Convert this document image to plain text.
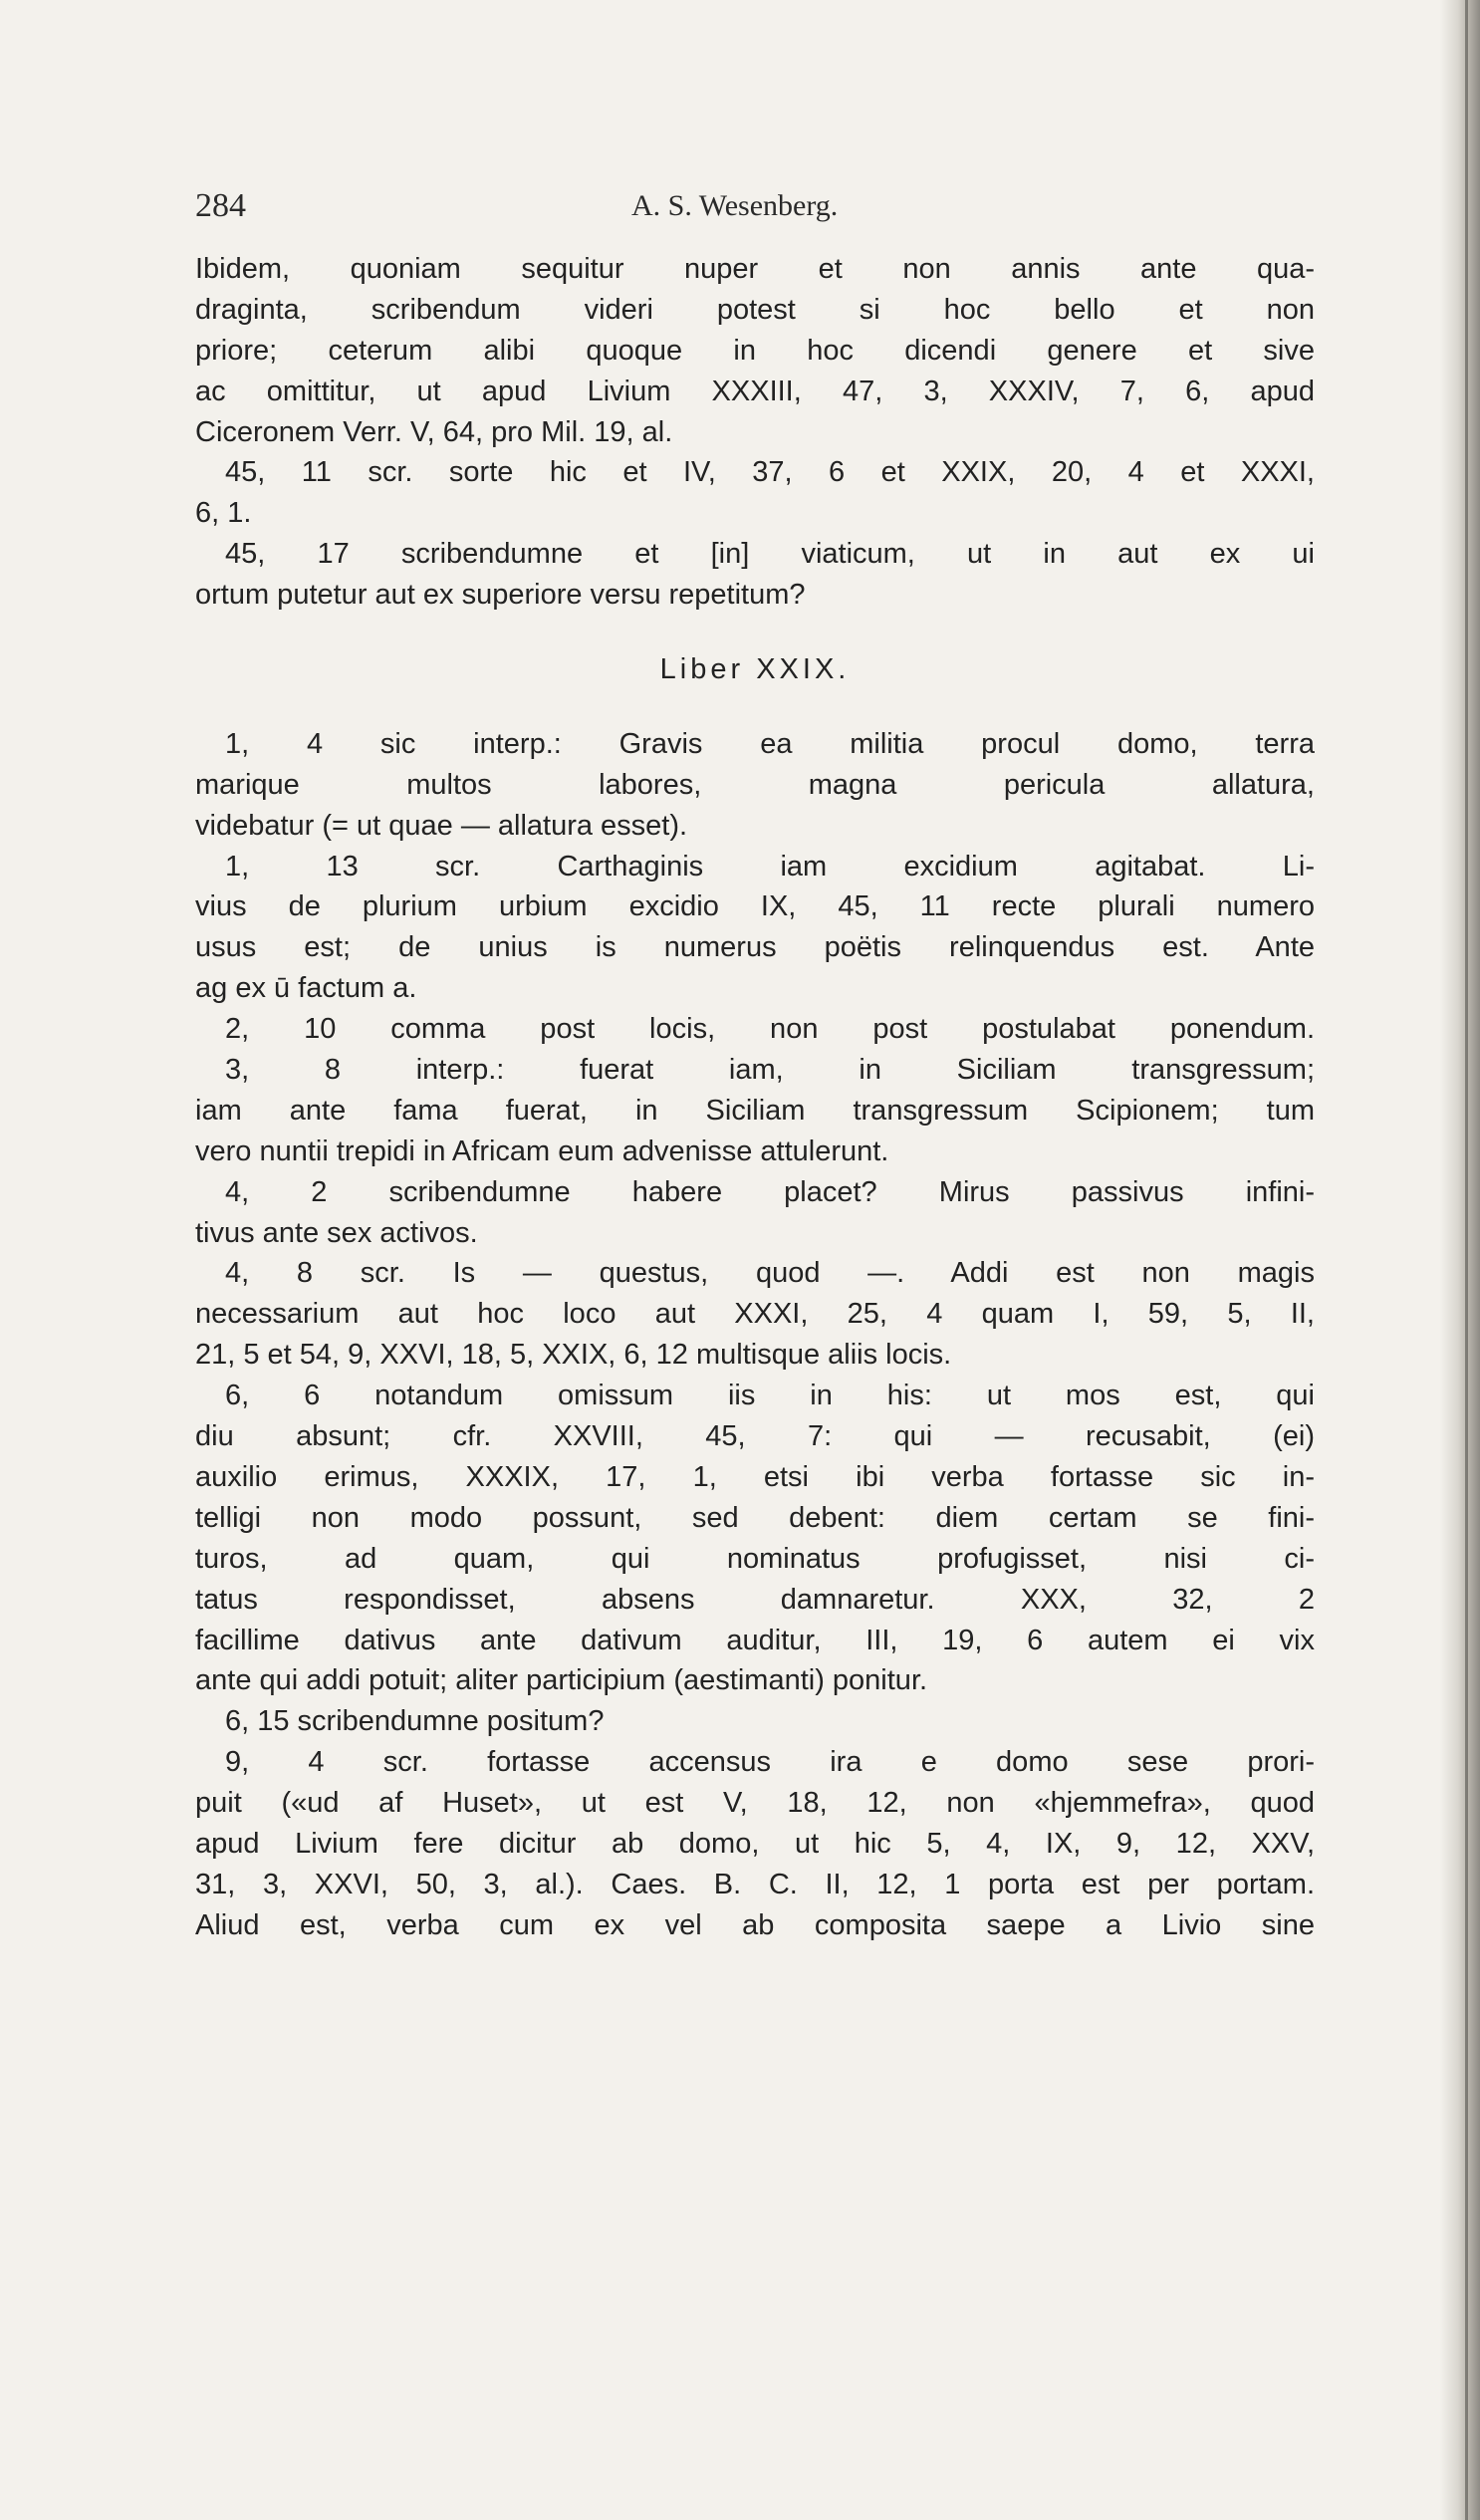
284	A. S. Wesenberg.
Ibidem, quoniam sequitur nuper et non annis ante qua-
draginta, scribendum videri potest si hoc bello et non
priore; ceterum alibi quoque in hoc dicendi genere et sive
ac omittitur, ut apud Livium XXXIII, 47, 3, XXXIV, 7, 6, apud
Ciceronem Verr. V, 64, pro Mil. 19, al.
45, 11 scr. sorte hic et IV, 37, 6 et XXIX, 20, 4 et XXXI,
6, 1.
45, 17 scribendumne et [in] viaticum, ut in aut ex ui
ortum putetur aut ex superiore versu repetitum?
Liber XXIX.
1, 4 sic interp.: Gravis ea militia procul domo, terra
marique multos labores, magna pericula allatura,
videbatur (= ut quae — allatura esset).
1, 13 scr. Carthaginis iam excidium agitabat. Li-
vius de plurium urbium excidio IX, 45, 11 recte plurali numero
usus est; de unius is numerus poëtis relinquendus est. Ante
ag ex ū factum a.
2, 10 comma post locis, non post postulabat ponendum.
3, 8 interp.: fuerat iam, in Siciliam transgressum;
iam ante fama fuerat, in Siciliam transgressum Scipionem; tum
vero nuntii trepidi in Africam eum advenisse attulerunt.
4, 2 scribendumne habere placet? Mirus passivus infini-
tivus ante sex activos.
4, 8 scr. Is — questus, quod —. Addi est non magis
necessarium aut hoc loco aut XXXI, 25, 4 quam I, 59, 5, II,
21, 5 et 54, 9, XXVI, 18, 5, XXIX, 6, 12 multisque aliis locis.
6, 6 notandum omissum iis in his: ut mos est, qui
diu absunt; cfr. XXVIII, 45, 7: qui — recusabit, (ei)
auxilio erimus, XXXIX, 17, 1, etsi ibi verba fortasse sic in-
telligi non modo possunt, sed debent: diem certam se fini-
turos, ad quam, qui nominatus profugisset, nisi ci-
tatus respondisset, absens damnaretur. XXX, 32, 2
facillime dativus ante dativum auditur, III, 19, 6 autem ei vix
ante qui addi potuit; aliter participium (aestimanti) ponitur.
6, 15 scribendumne positum?
9, 4 scr. fortasse accensus ira e domo sese prori-
puit («ud af Huset», ut est V, 18, 12, non «hjemmefra», quod
apud Livium fere dicitur ab domo, ut hic 5, 4, IX, 9, 12, XXV,
31, 3, XXVI, 50, 3, al.). Caes. B. C. II, 12, 1 porta est per portam.
Aliud est, verba cum ex vel ab composita saepe a Livio sine
